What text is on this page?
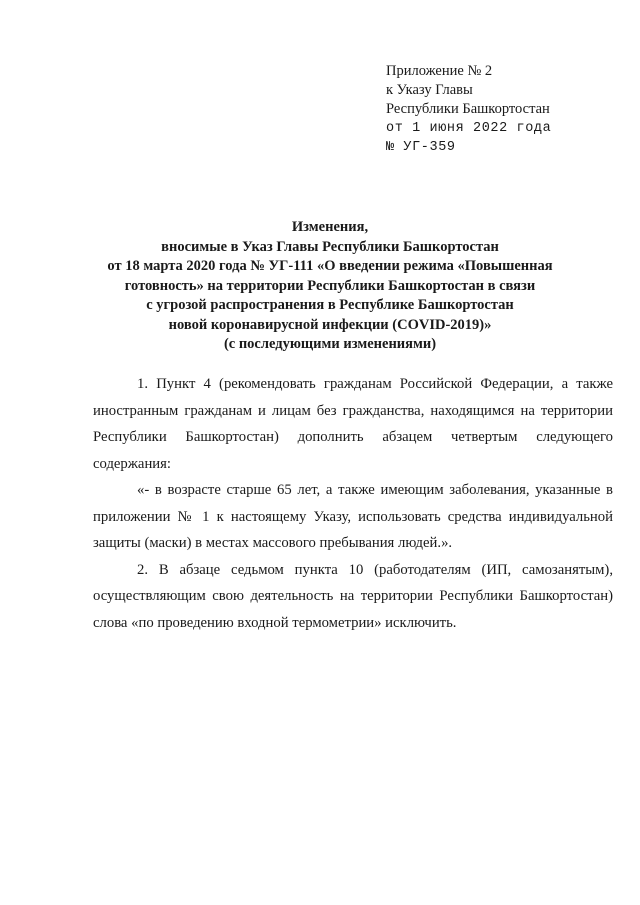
Приложение № 2
к Указу Главы
Республики Башкортостан
от 1 июня 2022 года
№ УГ-359
Изменения,
вносимые в Указ Главы Республики Башкортостан
от 18 марта 2020 года № УГ-111 «О введении режима «Повышенная
готовность» на территории Республики Башкортостан в связи
с угрозой распространения в Республике Башкортостан
новой коронавирусной инфекции (COVID-2019)»
(с последующими изменениями)

1. Пункт 4 (рекомендовать гражданам Российской Федерации, а также иностранным гражданам и лицам без гражданства, находящимся на территории Республики Башкортостан) дополнить абзацем четвертым следующего содержания:

«- в возрасте старше 65 лет, а также имеющим заболевания, указанные в приложении № 1 к настоящему Указу, использовать средства индивидуальной защиты (маски) в местах массового пребывания людей.».

2. В абзаце седьмом пункта 10 (работодателям (ИП, самозанятым), осуществляющим свою деятельность на территории Республики Башкортостан) слова «по проведению входной термометрии» исключить.
